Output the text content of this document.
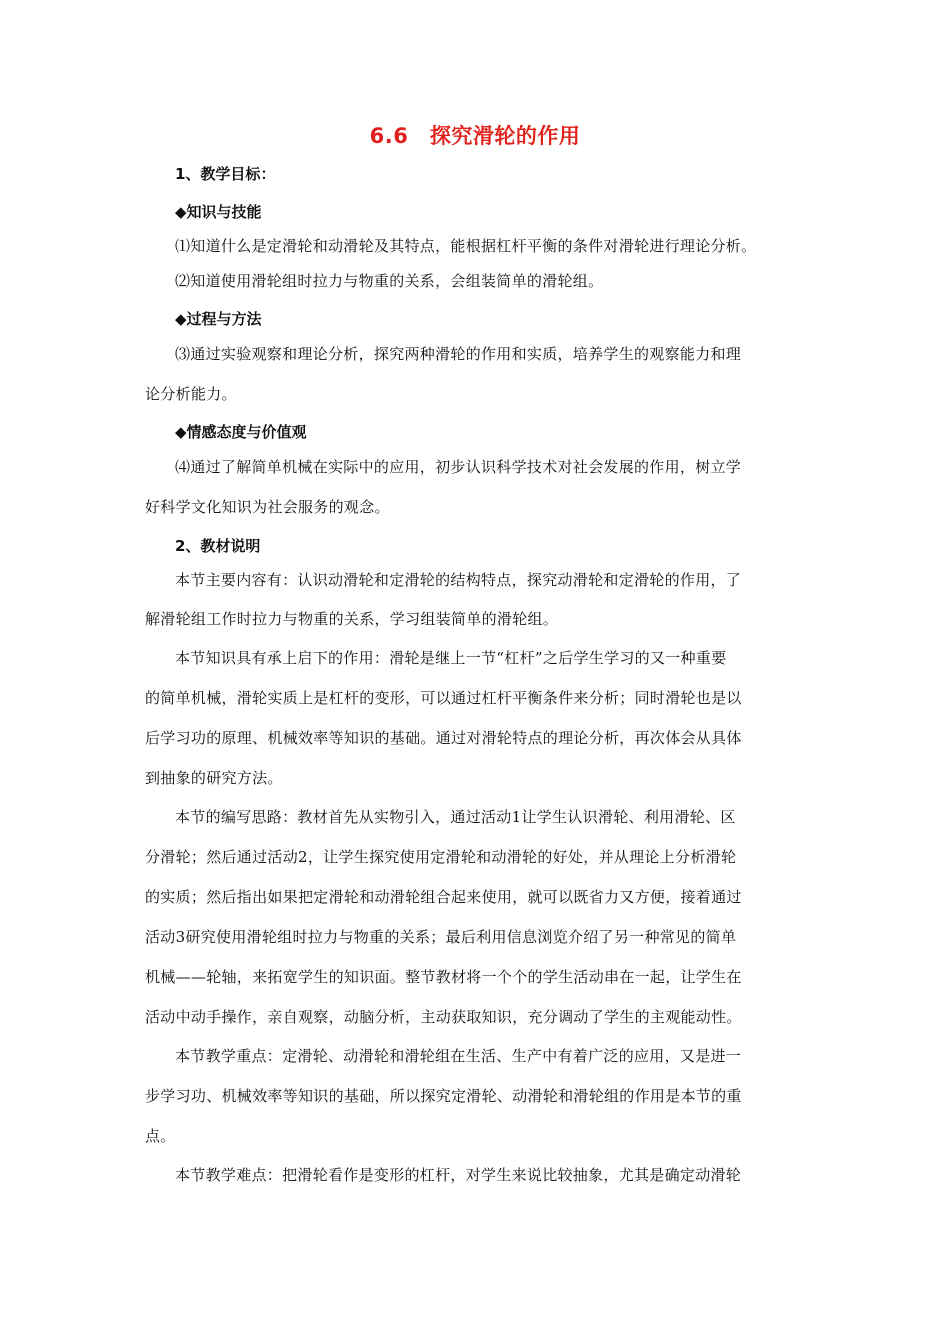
6.6　探究滑轮的作用
1、教学目标：
◆知识与技能
⑴知道什么是定滑轮和动滑轮及其特点，能根据杠杆平衡的条件对滑轮进行理论分析。
⑵知道使用滑轮组时拉力与物重的关系，会组装简单的滑轮组。
◆过程与方法
⑶通过实验观察和理论分析，探究两种滑轮的作用和实质，培养学生的观察能力和理
论分析能力。
◆情感态度与价值观
⑷通过了解简单机械在实际中的应用，初步认识科学技术对社会发展的作用，树立学
好科学文化知识为社会服务的观念。
2、教材说明
本节主要内容有：认识动滑轮和定滑轮的结构特点，探究动滑轮和定滑轮的作用，了
解滑轮组工作时拉力与物重的关系，学习组装简单的滑轮组。
本节知识具有承上启下的作用：滑轮是继上一节“杠杆”之后学生学习的又一种重要
的简单机械，滑轮实质上是杠杆的变形，可以通过杠杆平衡条件来分析；同时滑轮也是以
后学习功的原理、机械效率等知识的基础。通过对滑轮特点的理论分析，再次体会从具体
到抽象的研究方法。
本节的编写思路：教材首先从实物引入，通过活动1让学生认识滑轮、利用滑轮、区
分滑轮；然后通过活动2，让学生探究使用定滑轮和动滑轮的好处，并从理论上分析滑轮
的实质；然后指出如果把定滑轮和动滑轮组合起来使用，就可以既省力又方便，接着通过
活动3研究使用滑轮组时拉力与物重的关系；最后利用信息浏览介绍了另一种常见的简单
机械——轮轴，来拓宽学生的知识面。整节教材将一个个的学生活动串在一起，让学生在
活动中动手操作，亲自观察，动脑分析，主动获取知识，充分调动了学生的主观能动性。
本节教学重点：定滑轮、动滑轮和滑轮组在生活、生产中有着广泛的应用，又是进一
步学习功、机械效率等知识的基础，所以探究定滑轮、动滑轮和滑轮组的作用是本节的重
点。
本节教学难点：把滑轮看作是变形的杠杆，对学生来说比较抽象，尤其是确定动滑轮
